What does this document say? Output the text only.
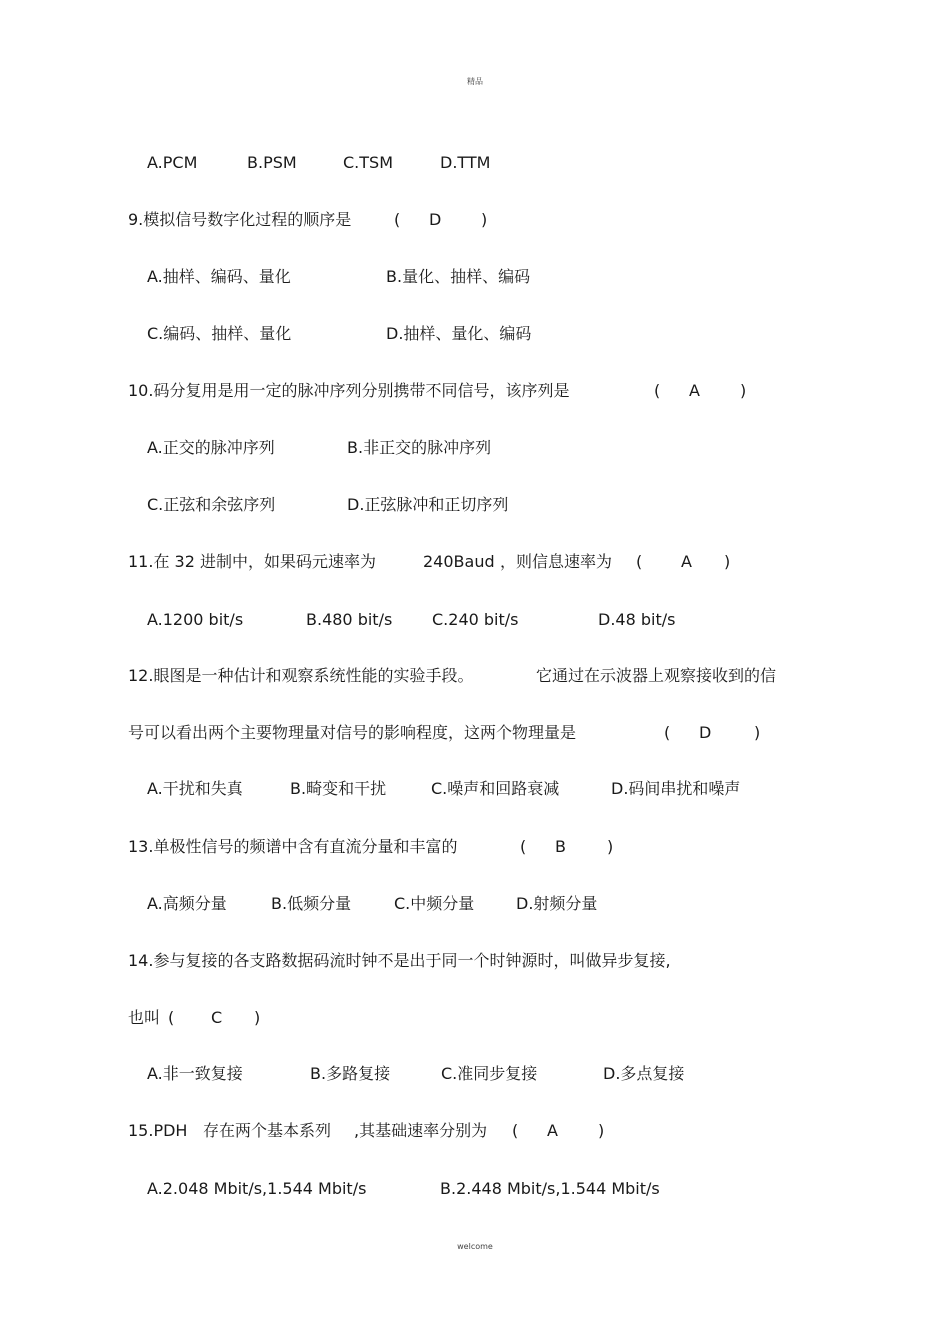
精品
A.PCM	B.PSM	C.TSM	D.TTM
9.模拟信号数字化过程的顺序是	( D )
A.抽样、编码、量化	B.量化、抽样、编码
C.编码、抽样、量化	D.抽样、量化、编码
10.码分复用是用一定的脉冲序列分别携带不同信号，该序列是	( A	)
A.正交的脉冲序列	B.非正交的脉冲序列
C.正弦和余弦序列	D.正弦脉冲和正切序列
11.在 32 进制中，如果码元速率为	240Baud ，则信息速率为 ( A )
A.1200 bit/s	B.480 bit/s C.240 bit/s	D.48 bit/s
12.眼图是一种估计和观察系统性能的实验手段。	它通过在示波器上观察接收到的信
号可以看出两个主要物理量对信号的影响程度，这两个物理量是	( D	)
A.干扰和失真	B.畸变和干扰	C.噪声和回路衰减	D.码间串扰和噪声
13.单极性信号的频谱中含有直流分量和丰富的	( B	)
A.高频分量	B.低频分量	C.中频分量	D.射频分量
14.参与复接的各支路数据码流时钟不是出于同一个时钟源时，叫做异步复接,
也叫 ( C )
A.非一致复接	B.多路复接	C.准同步复接	D.多点复接
15.PDH 存在两个基本系列 ,其基础速率分别为 ( A	)
A.2.048 Mbit/s,1.544 Mbit/s	B.2.448 Mbit/s,1.544 Mbit/s
welcome
